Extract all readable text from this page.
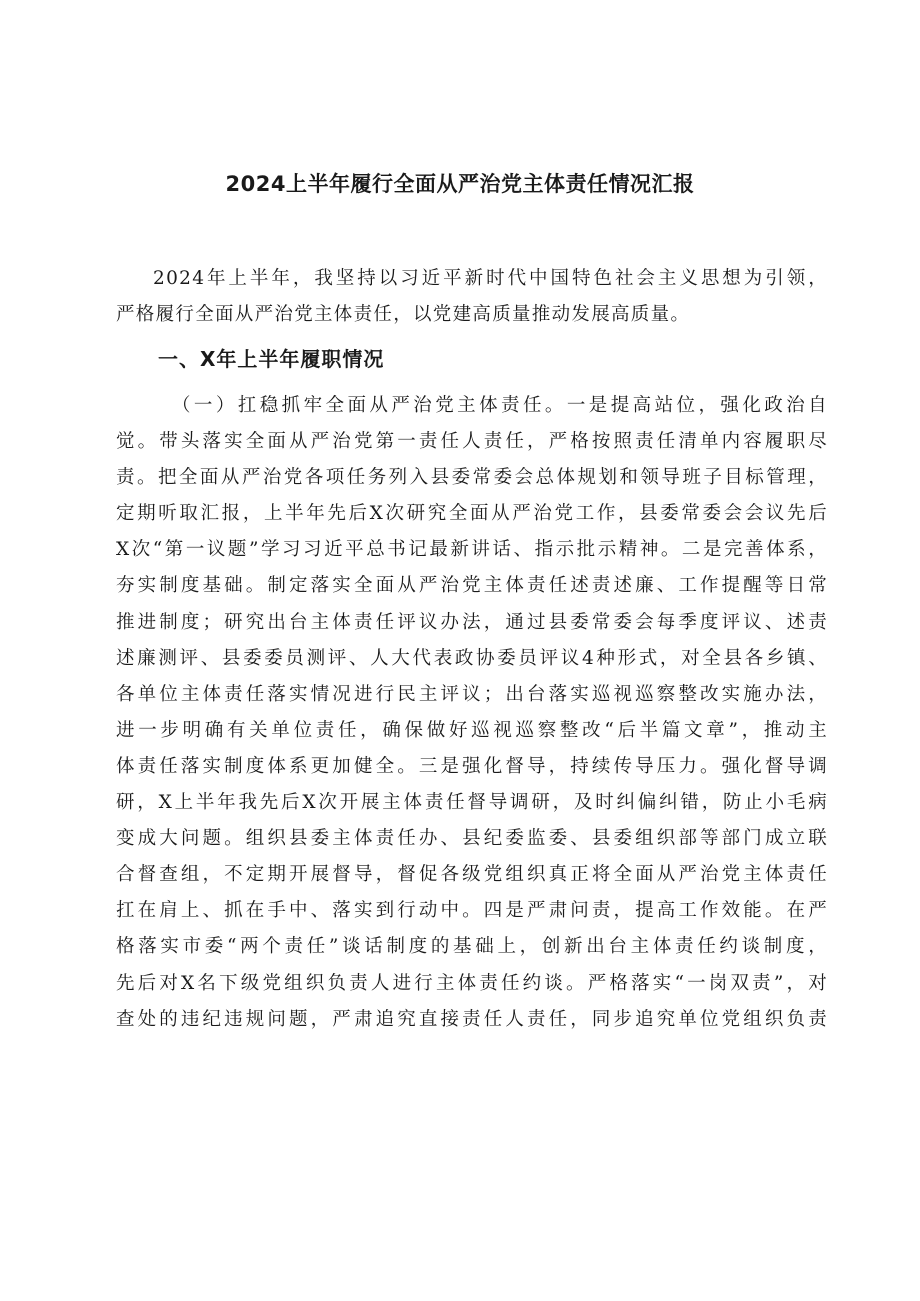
2024上半年履行全面从严治党主体责任情况汇报
2024年上半年，我坚持以习近平新时代中国特色社会主义思想为引领，
严格履行全面从严治党主体责任，以党建高质量推动发展高质量。
一、X年上半年履职情况
（一）扛稳抓牢全面从严治党主体责任。一是提高站位，强化政治自
觉。带头落实全面从严治党第一责任人责任，严格按照责任清单内容履职尽
责。把全面从严治党各项任务列入县委常委会总体规划和领导班子目标管理，
定期听取汇报，上半年先后X次研究全面从严治党工作，县委常委会会议先后
X次“第一议题”学习习近平总书记最新讲话、指示批示精神。二是完善体系，
夯实制度基础。制定落实全面从严治党主体责任述责述廉、工作提醒等日常
推进制度；研究出台主体责任评议办法，通过县委常委会每季度评议、述责
述廉测评、县委委员测评、人大代表政协委员评议4种形式，对全县各乡镇、
各单位主体责任落实情况进行民主评议；出台落实巡视巡察整改实施办法，
进一步明确有关单位责任，确保做好巡视巡察整改“后半篇文章”，推动主
体责任落实制度体系更加健全。三是强化督导，持续传导压力。强化督导调
研，X上半年我先后X次开展主体责任督导调研，及时纠偏纠错，防止小毛病
变成大问题。组织县委主体责任办、县纪委监委、县委组织部等部门成立联
合督查组，不定期开展督导，督促各级党组织真正将全面从严治党主体责任
扛在肩上、抓在手中、落实到行动中。四是严肃问责，提高工作效能。在严
格落实市委“两个责任”谈话制度的基础上，创新出台主体责任约谈制度，
先后对X名下级党组织负责人进行主体责任约谈。严格落实“一岗双责”，对
查处的违纪违规问题，严肃追究直接责任人责任，同步追究单位党组织负责
